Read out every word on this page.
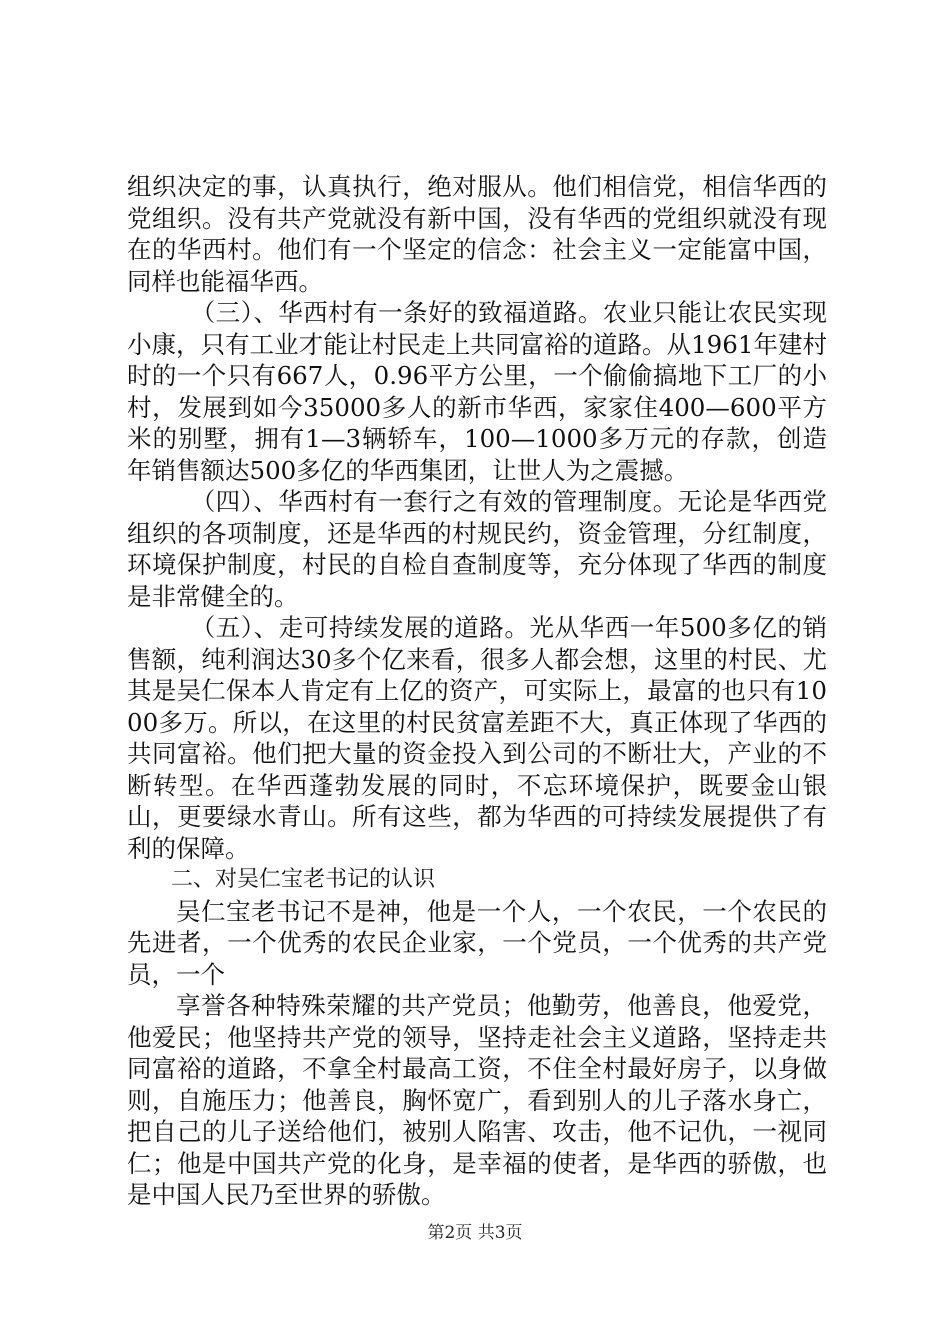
组织决定的事，认真执行，绝对服从。他们相信党，相信华西的党组织。没有共产党就没有新中国，没有华西的党组织就没有现在的华西村。他们有一个坚定的信念：社会主义一定能富中国，同样也能福华西。

（三）、华西村有一条好的致福道路。农业只能让农民实现小康，只有工业才能让村民走上共同富裕的道路。从1961年建村时的一个只有667人，0.96平方公里，一个偷偷搞地下工厂的小村，发展到如今35000多人的新市华西，家家住400—600平方米的别墅，拥有1—3辆轿车，100—1000多万元的存款，创造年销售额达500多亿的华西集团，让世人为之震撼。

（四）、华西村有一套行之有效的管理制度。无论是华西党组织的各项制度，还是华西的村规民约，资金管理，分红制度，环境保护制度，村民的自检自查制度等，充分体现了华西的制度是非常健全的。

（五）、走可持续发展的道路。光从华西一年500多亿的销售额，纯利润达30多个亿来看，很多人都会想，这里的村民、尤其是吴仁保本人肯定有上亿的资产，可实际上，最富的也只有1000多万。所以，在这里的村民贫富差距不大，真正体现了华西的共同富裕。他们把大量的资金投入到公司的不断壮大，产业的不断转型。在华西蓬勃发展的同时，不忘环境保护，既要金山银山，更要绿水青山。所有这些，都为华西的可持续发展提供了有利的保障。

二、对吴仁宝老书记的认识

吴仁宝老书记不是神，他是一个人，一个农民，一个农民的先进者，一个优秀的农民企业家，一个党员，一个优秀的共产党员，一个

享誉各种特殊荣耀的共产党员；他勤劳，他善良，他爱党，他爱民；他坚持共产党的领导，坚持走社会主义道路，坚持走共同富裕的道路，不拿全村最高工资，不住全村最好房子，以身做则，自施压力；他善良，胸怀宽广，看到别人的儿子落水身亡，把自己的儿子送给他们，被别人陷害、攻击，他不记仇，一视同仁；他是中国共产党的化身，是幸福的使者，是华西的骄傲，也是中国人民乃至世界的骄傲。

第2页 共3页
